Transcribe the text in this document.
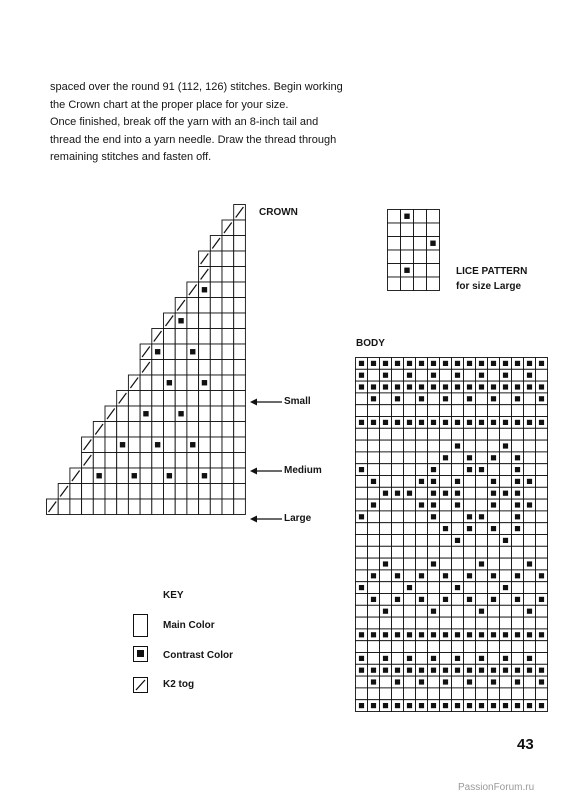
spaced over the round 91 (112, 126) stitches. Begin working
the Crown chart at the proper place for your size.
Once finished, break off the yarn with an 8-inch tail and
thread the end into a yarn needle. Draw the thread through
remaining stitches and fasten off.
CROWN
Small
Medium
Large
LICE PATTERN
for size Large
BODY
KEY
Main Color
Contrast Color
K2 tog
43
PassionForum.ru
